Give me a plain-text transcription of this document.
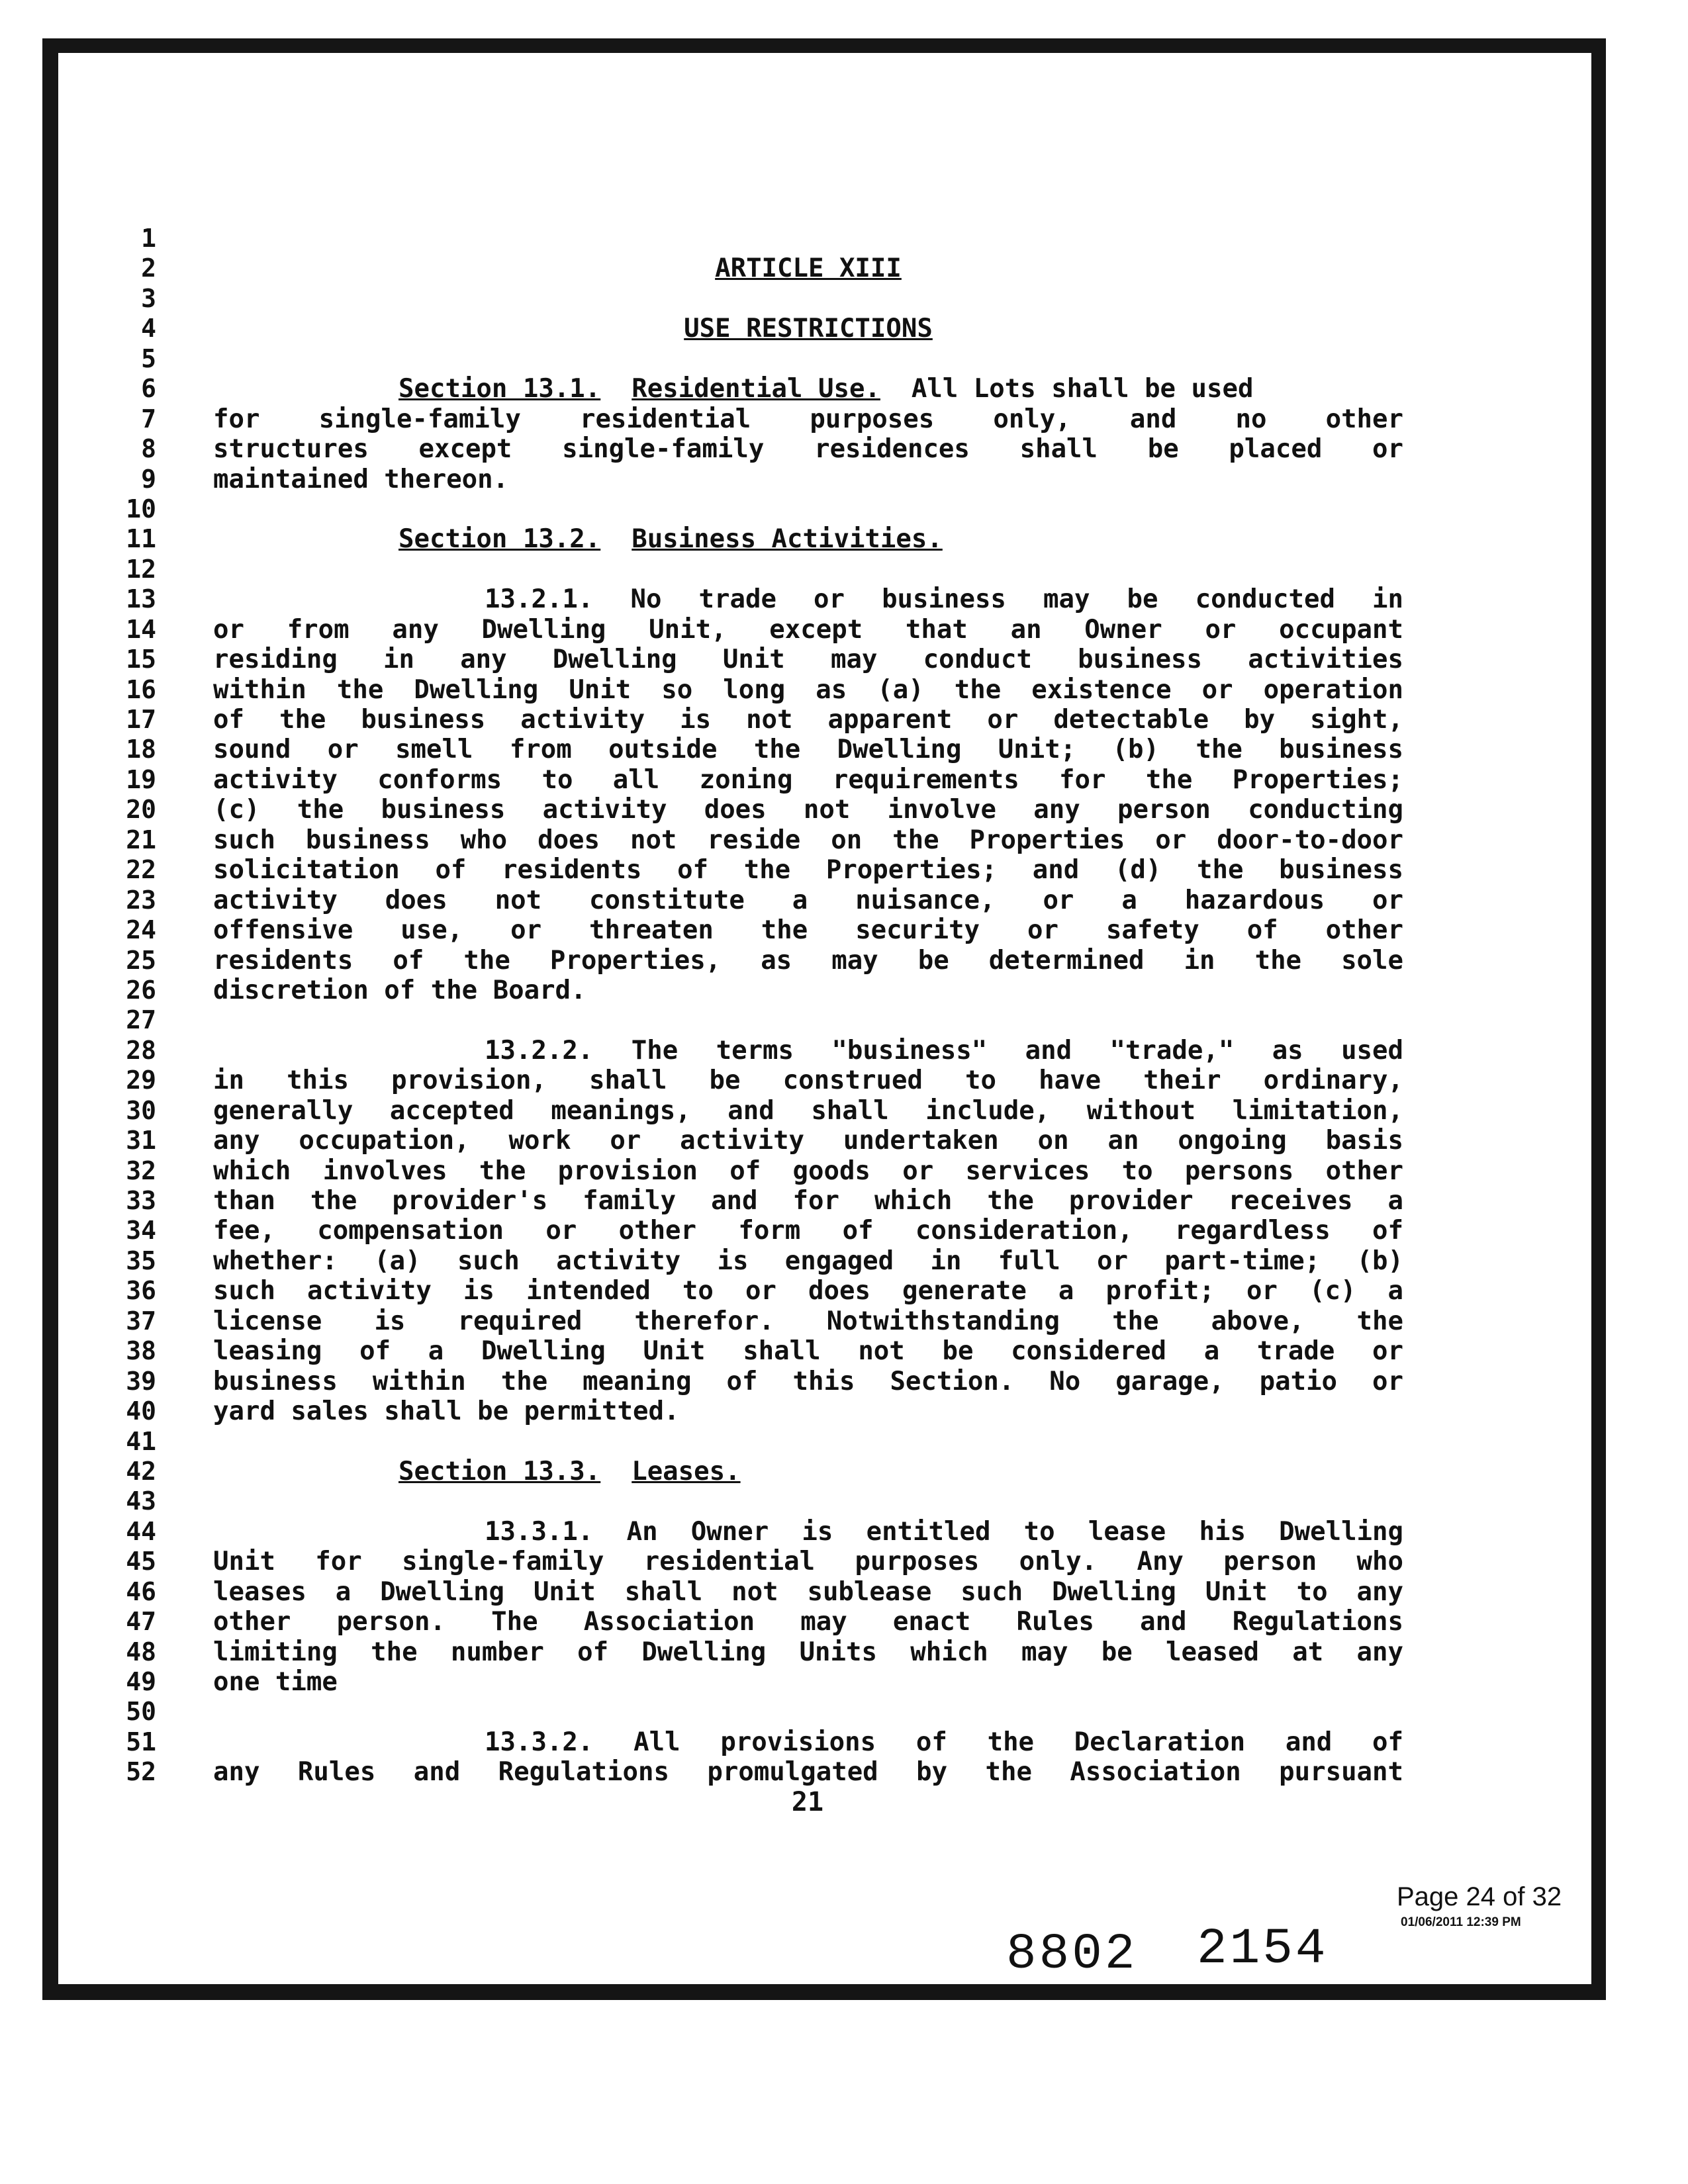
1
2
3
4
5
6
7
8
9
10
11
12
13
14
15
16
17
18
19
20
21
22
23
24
25
26
27
28
29
30
31
32
33
34
35
36
37
38
39
40
41
42
43
44
45
46
47
48
49
50
51
52
ARTICLE XIII
USE RESTRICTIONS
Section 13.1. Residential Use. All Lots shall be used
for single-family residential purposes only, and no other
structures except single-family residences shall be placed or
maintained thereon.
Section 13.2. Business Activities.
13.2.1. No trade or business may be conducted in
or from any Dwelling Unit, except that an Owner or occupant
residing in any Dwelling Unit may conduct business activities
within the Dwelling Unit so long as (a) the existence or operation
of the business activity is not apparent or detectable by sight,
sound or smell from outside the Dwelling Unit; (b) the business
activity conforms to all zoning requirements for the Properties;
(c) the business activity does not involve any person conducting
such business who does not reside on the Properties or door-to-door
solicitation of residents of the Properties; and (d) the business
activity does not constitute a nuisance, or a hazardous or
offensive use, or threaten the security or safety of other
residents of the Properties, as may be determined in the sole
discretion of the Board.
13.2.2. The terms "business" and "trade," as used
in this provision, shall be construed to have their ordinary,
generally accepted meanings, and shall include, without limitation,
any occupation, work or activity undertaken on an ongoing basis
which involves the provision of goods or services to persons other
than the provider's family and for which the provider receives a
fee, compensation or other form of consideration, regardless of
whether: (a) such activity is engaged in full or part-time; (b)
such activity is intended to or does generate a profit; or (c) a
license is required therefor. Notwithstanding the above, the
leasing of a Dwelling Unit shall not be considered a trade or
business within the meaning of this Section. No garage, patio or
yard sales shall be permitted.
Section 13.3. Leases.
13.3.1. An Owner is entitled to lease his Dwelling
Unit for single-family residential purposes only. Any person who
leases a Dwelling Unit shall not sublease such Dwelling Unit to any
other person. The Association may enact Rules and Regulations
limiting the number of Dwelling Units which may be leased at any
one time
13.3.2. All provisions of the Declaration and of
any Rules and Regulations promulgated by the Association pursuant
21
Page 24 of 32
01/06/2011 12:39 PM
8802 2154
